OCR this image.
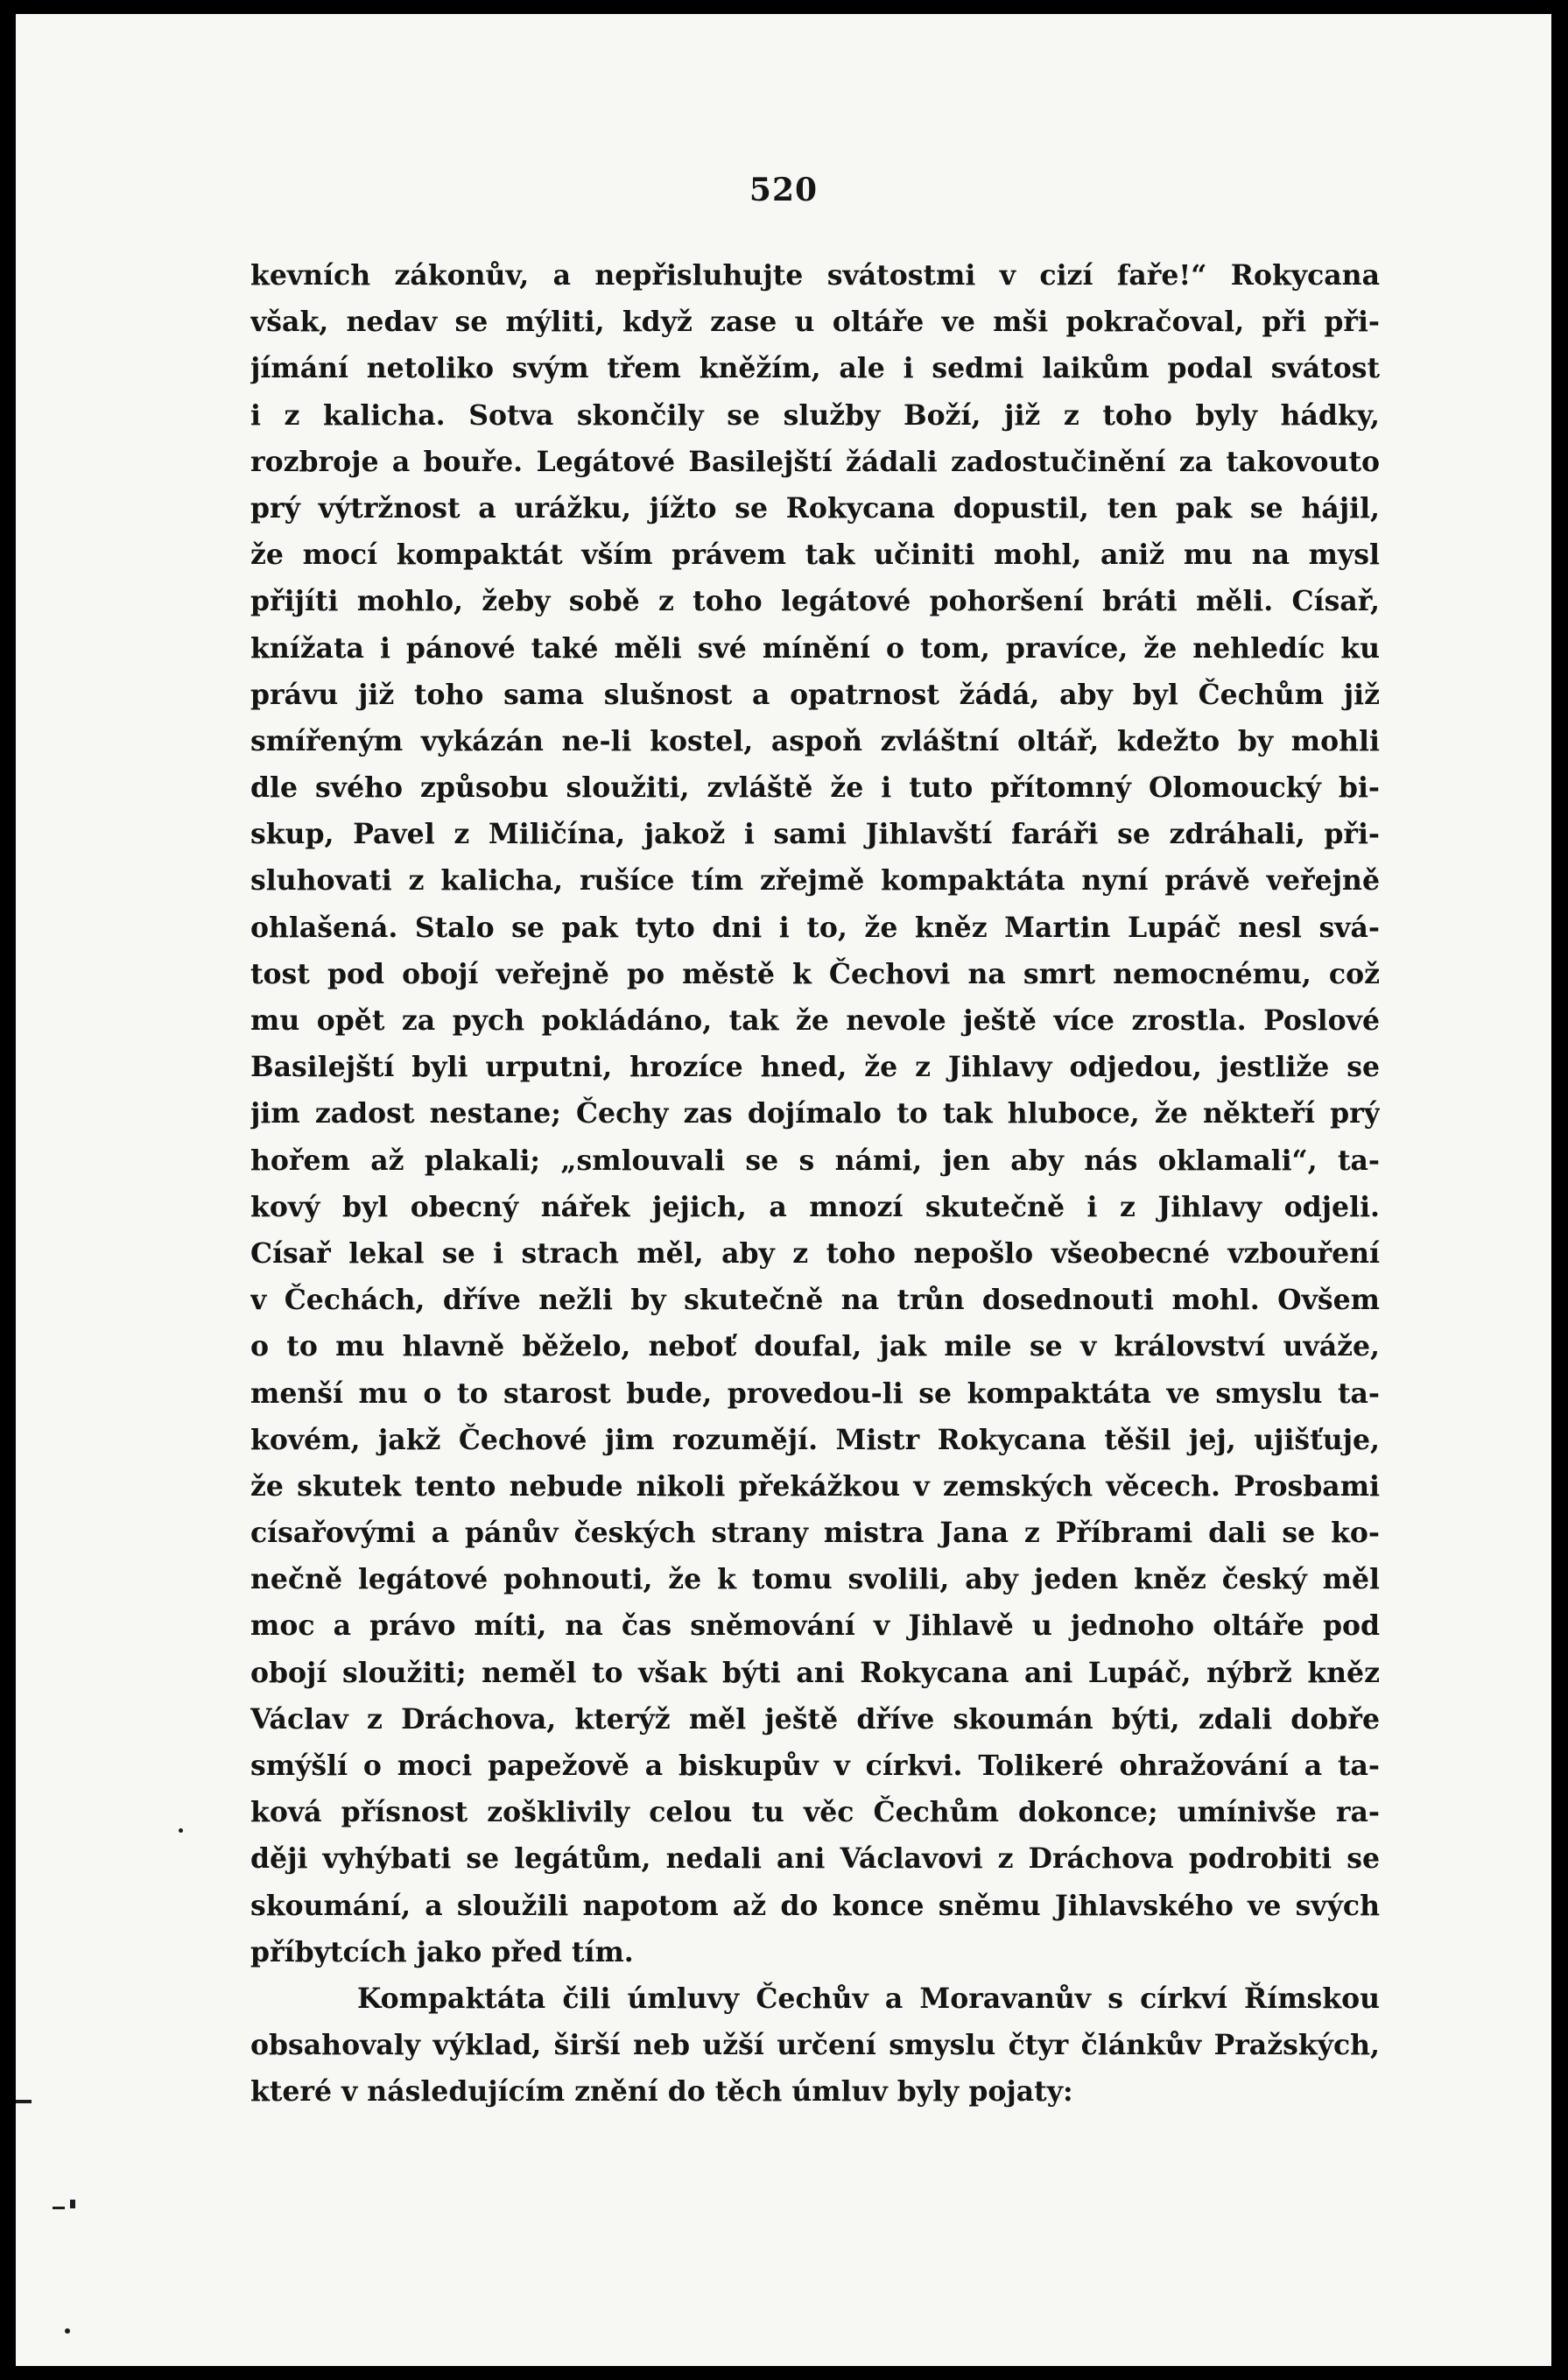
520
kevních zákonův, a nepřisluhujte svátostmi v cizí faře!“ Rokycana
však, nedav se mýliti, když zase u oltáře ve mši pokračoval, při při-
jímání netoliko svým třem kněžím, ale i sedmi laikům podal svátost
i z kalicha. Sotva skončily se služby Boží, již z toho byly hádky,
rozbroje a bouře. Legátové Basilejští žádali zadostučinění za takovouto
prý výtržnost a urážku, jížto se Rokycana dopustil, ten pak se hájil,
že mocí kompaktát vším právem tak učiniti mohl, aniž mu na mysl
přijíti mohlo, žeby sobě z toho legátové pohoršení bráti měli. Císař,
knížata i pánové také měli své mínění o tom, pravíce, že nehledíc ku
právu již toho sama slušnost a opatrnost žádá, aby byl Čechům již
smířeným vykázán ne-li kostel, aspoň zvláštní oltář, kdežto by mohli
dle svého způsobu sloužiti, zvláště že i tuto přítomný Olomoucký bi-
skup, Pavel z Miličína, jakož i sami Jihlavští faráři se zdráhali, při-
sluhovati z kalicha, rušíce tím zřejmě kompaktáta nyní právě veřejně
ohlašená. Stalo se pak tyto dni i to, že kněz Martin Lupáč nesl svá-
tost pod obojí veřejně po městě k Čechovi na smrt nemocnému, což
mu opět za pych pokládáno, tak že nevole ještě více zrostla. Poslové
Basilejští byli urputni, hrozíce hned, že z Jihlavy odjedou, jestliže se
jim zadost nestane; Čechy zas dojímalo to tak hluboce, že někteří prý
hořem až plakali; „smlouvali se s námi, jen aby nás oklamali“, ta-
kový byl obecný nářek jejich, a mnozí skutečně i z Jihlavy odjeli.
Císař lekal se i strach měl, aby z toho nepošlo všeobecné vzbouření
v Čechách, dříve nežli by skutečně na trůn dosednouti mohl. Ovšem
o to mu hlavně běželo, neboť doufal, jak mile se v království uváže,
menší mu o to starost bude, provedou-li se kompaktáta ve smyslu ta-
kovém, jakž Čechové jim rozumějí. Mistr Rokycana těšil jej, ujišťuje,
že skutek tento nebude nikoli překážkou v zemských věcech. Prosbami
císařovými a pánův českých strany mistra Jana z Příbrami dali se ko-
nečně legátové pohnouti, že k tomu svolili, aby jeden kněz český měl
moc a právo míti, na čas sněmování v Jihlavě u jednoho oltáře pod
obojí sloužiti; neměl to však býti ani Rokycana ani Lupáč, nýbrž kněz
Václav z Dráchova, kterýž měl ještě dříve skoumán býti, zdali dobře
smýšlí o moci papežově a biskupův v církvi. Tolikeré ohražování a ta-
ková přísnost zošklivily celou tu věc Čechům dokonce; umínivše ra-
ději vyhýbati se legátům, nedali ani Václavovi z Dráchova podrobiti se
skoumání, a sloužili napotom až do konce sněmu Jihlavského ve svých
příbytcích jako před tím.
Kompaktáta čili úmluvy Čechův a Moravanův s církví Římskou
obsahovaly výklad, širší neb užší určení smyslu čtyr článkův Pražských,
které v následujícím znění do těch úmluv byly pojaty:
